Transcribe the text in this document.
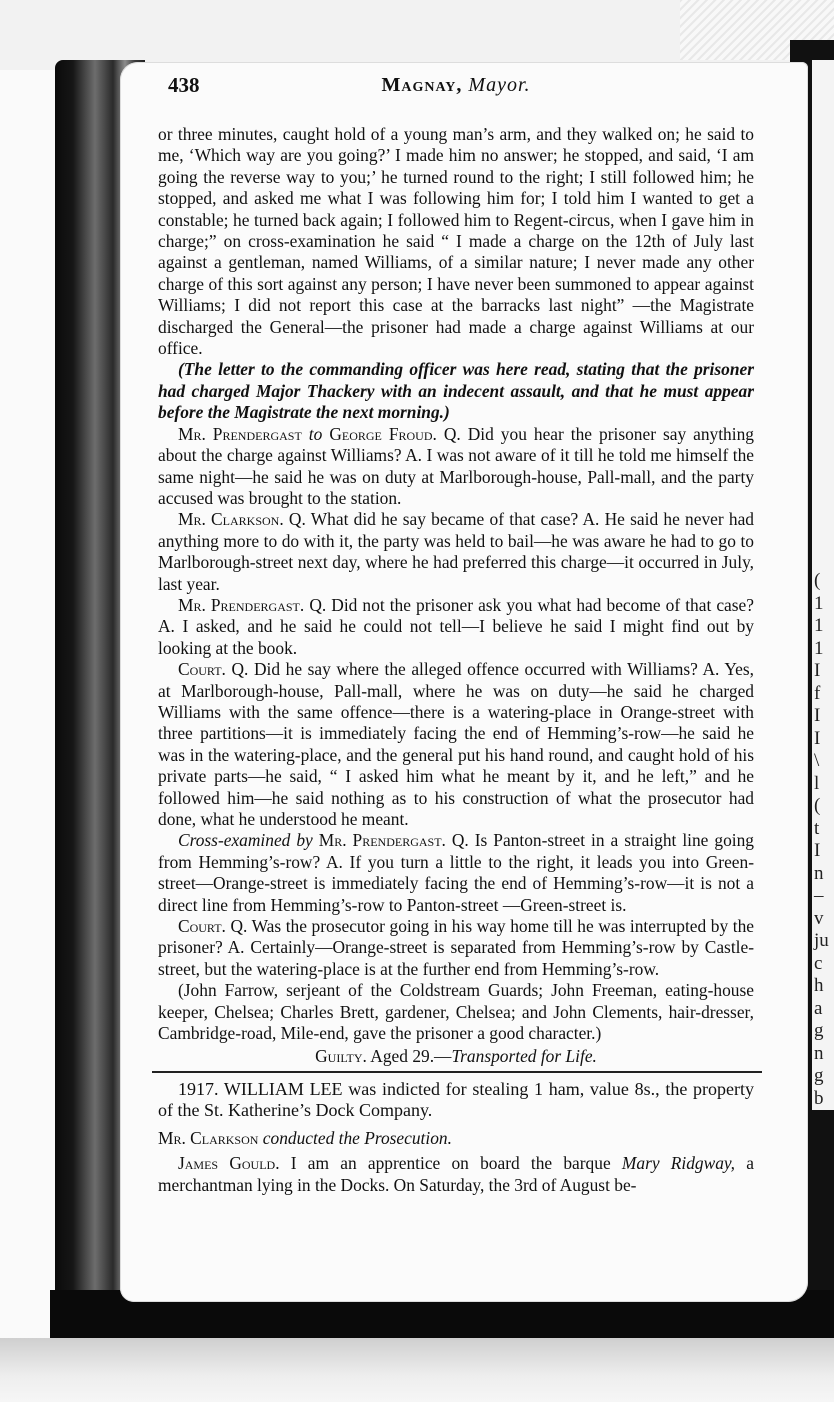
(
1
1
1
I
f
I
I
\
l
(
t
I
n
–
v
ju
c
h
a
g
n
g
b
438	Magnay, Mayor.

or three minutes, caught hold of a young man’s arm, and they walked on; he said to me, ‘Which way are you going?’ I made him no answer; he stopped, and said, ‘I am going the reverse way to you;’ he turned round to the right; I still followed him; he stopped, and asked me what I was following him for; I told him I wanted to get a constable; he turned back again; I followed him to Regent-circus, when I gave him in charge;” on cross-examination he said “ I made a charge on the 12th of July last against a gentleman, named Williams, of a similar nature; I never made any other charge of this sort against any person; I have never been summoned to appear against Williams; I did not report this case at the barracks last night” —the Magistrate discharged the General—the prisoner had made a charge against Williams at our office.

(The letter to the commanding officer was here read, stating that the prisoner had charged Major Thackery with an indecent assault, and that he must appear before the Magistrate the next morning.)

Mr. Prendergast to George Froud. Q. Did you hear the prisoner say anything about the charge against Williams? A. I was not aware of it till he told me himself the same night—he said he was on duty at Marlborough-house, Pall-mall, and the party accused was brought to the station.

Mr. Clarkson. Q. What did he say became of that case? A. He said he never had anything more to do with it, the party was held to bail—he was aware he had to go to Marlborough-street next day, where he had preferred this charge—it occurred in July, last year.

Mr. Prendergast. Q. Did not the prisoner ask you what had become of that case? A. I asked, and he said he could not tell—I believe he said I might find out by looking at the book.

Court. Q. Did he say where the alleged offence occurred with Williams? A. Yes, at Marlborough-house, Pall-mall, where he was on duty—he said he charged Williams with the same offence—there is a watering-place in Orange-street with three partitions—it is immediately facing the end of Hemming’s-row—he said he was in the watering-place, and the general put his hand round, and caught hold of his private parts—he said, “ I asked him what he meant by it, and he left,” and he followed him—he said nothing as to his construction of what the prosecutor had done, what he understood he meant.

Cross-examined by Mr. Prendergast. Q. Is Panton-street in a straight line going from Hemming’s-row? A. If you turn a little to the right, it leads you into Green-street—Orange-street is immediately facing the end of Hemming’s-row—it is not a direct line from Hemming’s-row to Panton-street —Green-street is.

Court. Q. Was the prosecutor going in his way home till he was interrupted by the prisoner? A. Certainly—Orange-street is separated from Hemming’s-row by Castle-street, but the watering-place is at the further end from Hemming’s-row.

(John Farrow, serjeant of the Coldstream Guards; John Freeman, eating-house keeper, Chelsea; Charles Brett, gardener, Chelsea; and John Clements, hair-dresser, Cambridge-road, Mile-end, gave the prisoner a good character.)

Guilty. Aged 29.—Transported for Life.

1917. WILLIAM LEE was indicted for stealing 1 ham, value 8s., the property of the St. Katherine’s Dock Company.

Mr. Clarkson conducted the Prosecution.

James Gould. I am an apprentice on board the barque Mary Ridgway, a merchantman lying in the Docks. On Saturday, the 3rd of August be-
